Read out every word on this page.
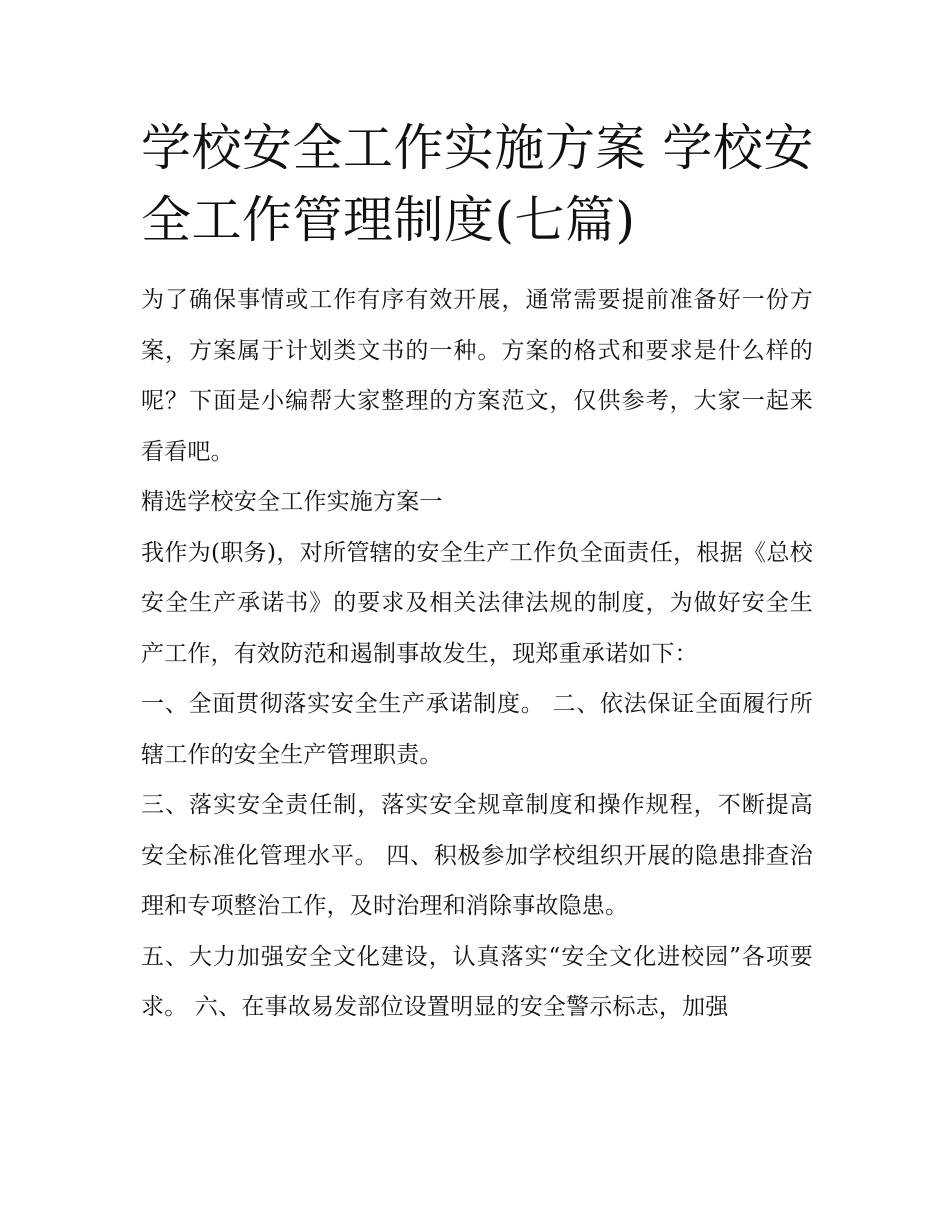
学校安全工作实施方案 学校安全工作管理制度(七篇)

为了确保事情或工作有序有效开展，通常需要提前准备好一份方案，方案属于计划类文书的一种。方案的格式和要求是什么样的呢？下面是小编帮大家整理的方案范文，仅供参考，大家一起来看看吧。

精选学校安全工作实施方案一

我作为(职务)，对所管辖的安全生产工作负全面责任，根据《总校安全生产承诺书》的要求及相关法律法规的制度，为做好安全生产工作，有效防范和遏制事故发生，现郑重承诺如下：

一、全面贯彻落实安全生产承诺制度。 二、依法保证全面履行所辖工作的安全生产管理职责。

三、落实安全责任制，落实安全规章制度和操作规程，不断提高安全标准化管理水平。 四、积极参加学校组织开展的隐患排查治理和专项整治工作，及时治理和消除事故隐患。

五、大力加强安全文化建设，认真落实“安全文化进校园”各项要求。 六、在事故易发部位设置明显的安全警示标志，加强
